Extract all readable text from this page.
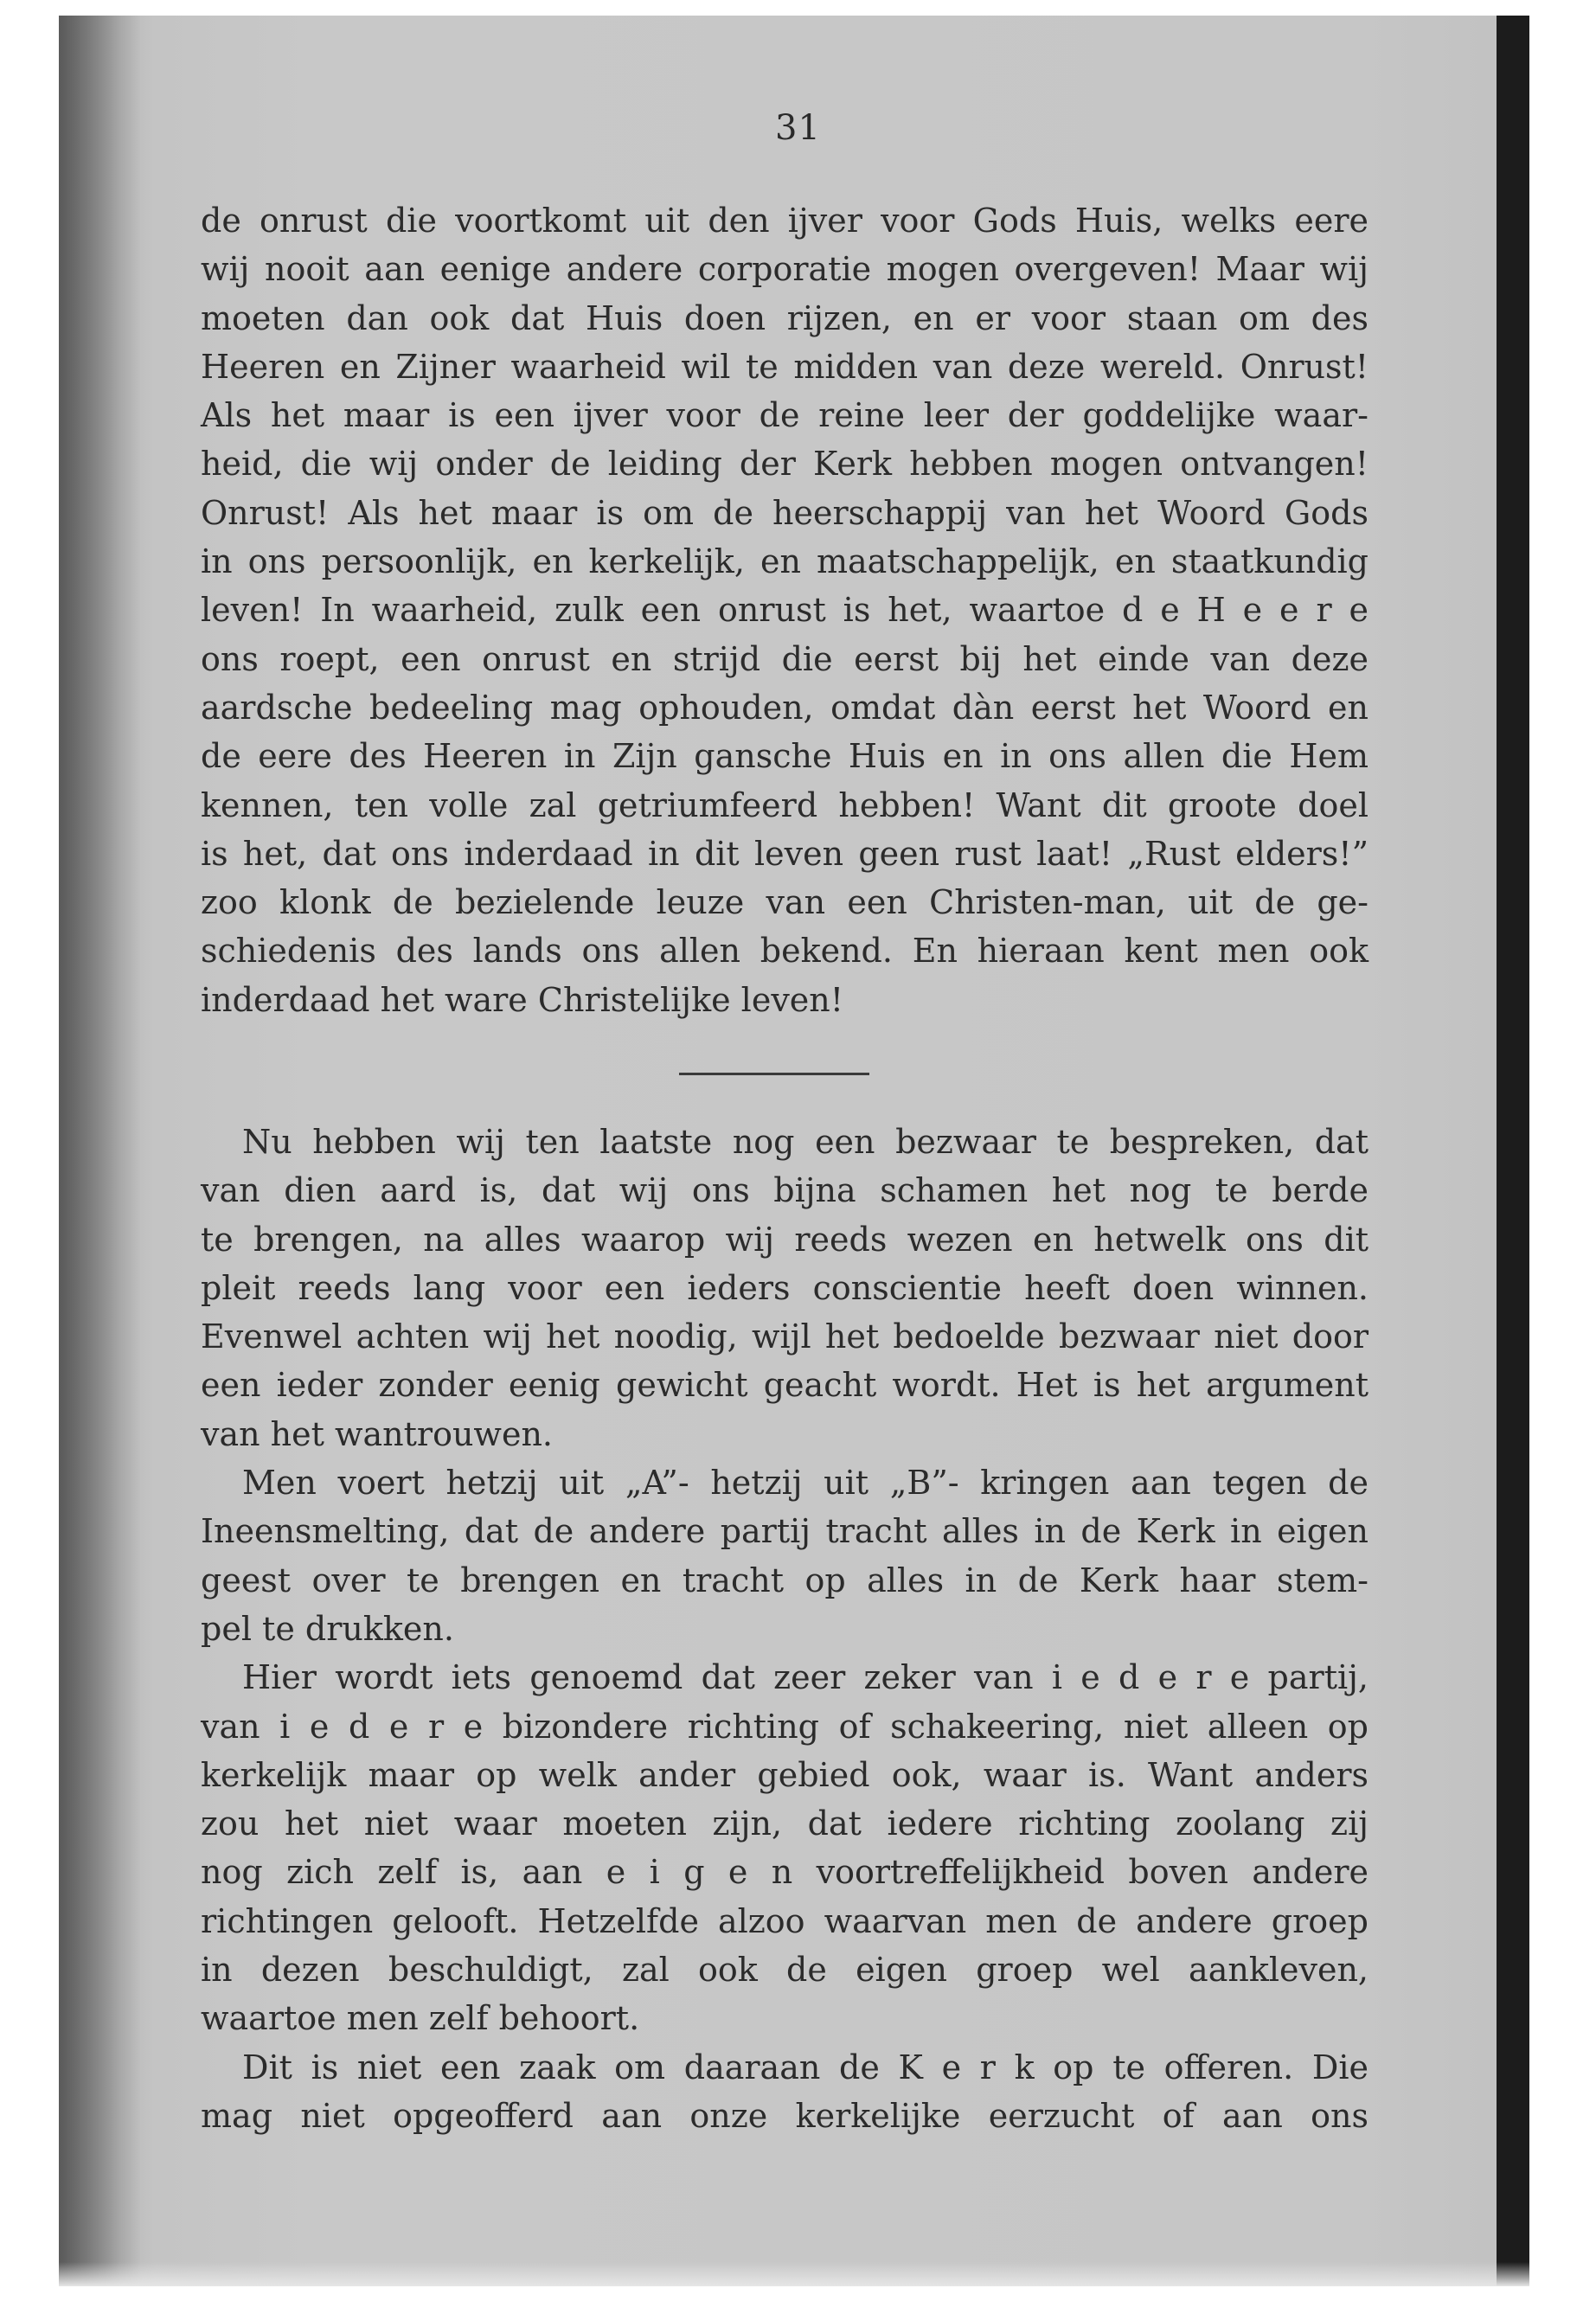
31
de onrust die voortkomt uit den ijver voor Gods Huis, welks eere
wij nooit aan eenige andere corporatie mogen overgeven! Maar wij
moeten dan ook dat Huis doen rijzen, en er voor staan om des
Heeren en Zijner waarheid wil te midden van deze wereld. Onrust!
Als het maar is een ijver voor de reine leer der goddelijke waar-
heid, die wij onder de leiding der Kerk hebben mogen ontvangen!
Onrust! Als het maar is om de heerschappij van het Woord Gods
in ons persoonlijk, en kerkelijk, en maatschappelijk, en staatkundig
leven! In waarheid, zulk een onrust is het, waartoe d e H e e r e
ons roept, een onrust en strijd die eerst bij het einde van deze
aardsche bedeeling mag ophouden, omdat dàn eerst het Woord en
de eere des Heeren in Zijn gansche Huis en in ons allen die Hem
kennen, ten volle zal getriumfeerd hebben! Want dit groote doel
is het, dat ons inderdaad in dit leven geen rust laat! „Rust elders!”
zoo klonk de bezielende leuze van een Christen-man, uit de ge-
schiedenis des lands ons allen bekend. En hieraan kent men ook
inderdaad het ware Christelijke leven!
Nu hebben wij ten laatste nog een bezwaar te bespreken, dat
van dien aard is, dat wij ons bijna schamen het nog te berde
te brengen, na alles waarop wij reeds wezen en hetwelk ons dit
pleit reeds lang voor een ieders conscientie heeft doen winnen.
Evenwel achten wij het noodig, wijl het bedoelde bezwaar niet door
een ieder zonder eenig gewicht geacht wordt. Het is het argument
van het wantrouwen.
Men voert hetzij uit „A”- hetzij uit „B”- kringen aan tegen de
Ineensmelting, dat de andere partij tracht alles in de Kerk in eigen
geest over te brengen en tracht op alles in de Kerk haar stem-
pel te drukken.
Hier wordt iets genoemd dat zeer zeker van i e d e r e partij,
van i e d e r e bizondere richting of schakeering, niet alleen op
kerkelijk maar op welk ander gebied ook, waar is. Want anders
zou het niet waar moeten zijn, dat iedere richting zoolang zij
nog zich zelf is, aan e i g e n voortreffelijkheid boven andere
richtingen gelooft. Hetzelfde alzoo waarvan men de andere groep
in dezen beschuldigt, zal ook de eigen groep wel aankleven,
waartoe men zelf behoort.
Dit is niet een zaak om daaraan de K e r k op te offeren. Die
mag niet opgeofferd aan onze kerkelijke eerzucht of aan ons
